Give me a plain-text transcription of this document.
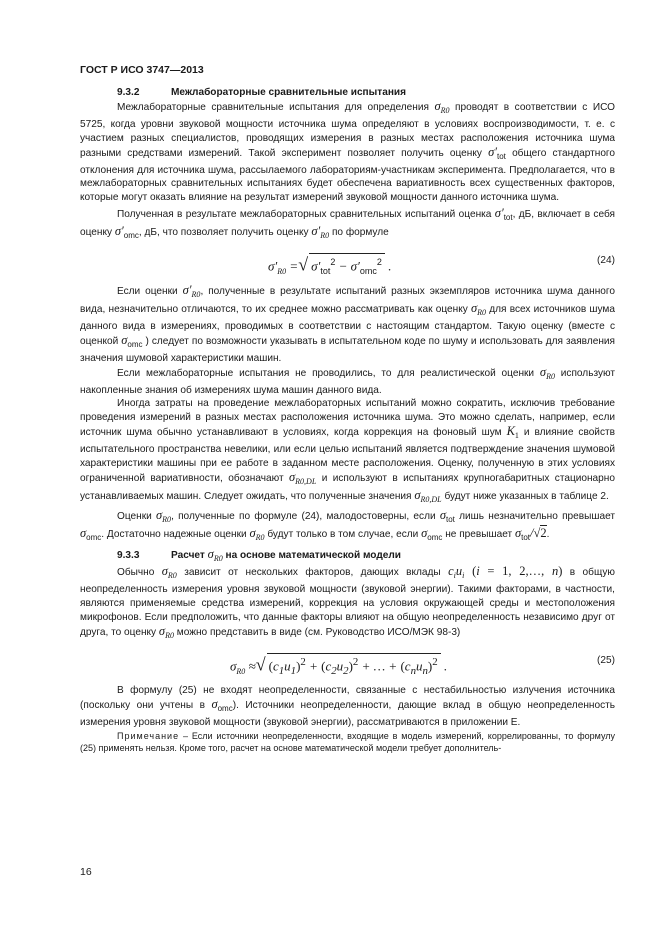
ГОСТ Р ИСО 3747—2013

9.3.2	Межлабораторные сравнительные испытания

Межлабораторные сравнительные испытания для определения $\sigma_{R0}$ проводят в соответствии с ИСО 5725, когда уровни звуковой мощности источника шума определяют в условиях воспроизводимости, т. е. с участием разных специалистов, проводящих измерения в разных местах расположения источника шума разными средствами измерений. Такой эксперимент позволяет получить оценку $\sigma'_{tot}$ общего стандартного отклонения для источника шума, рассылаемого лабораториям-участникам эксперимента. Предполагается, что в межлабораторных сравнительных испытаниях будет обеспечена вариативность всех существенных факторов, которые могут оказать влияние на результат измерений звуковой мощности данного источника шума.

Полученная в результате межлабораторных сравнительных испытаний оценка $\sigma'_{tot}$, дБ, включает в себя оценку $\sigma'_{omc}$, дБ, что позволяет получить оценку $\sigma'_{R0}$ по формуле

$\sigma'_{R0}$ =√ $\sigma'_{tot}^2 - \sigma'_{omc}^2$ .	(24)

Если оценки $\sigma'_{R0}$, полученные в результате испытаний разных экземпляров источника шума данного вида, незначительно отличаются, то их среднее можно рассматривать как оценку $\sigma_{R0}$ для всех источников шума данного вида в измерениях, проводимых в соответствии с настоящим стандартом. Такую оценку (вместе с оценкой $\sigma_{omc}$ ) следует по возможности указывать в испытательном коде по шуму и использовать для заявления значения шумовой характеристики машин.

Если межлабораторные испытания не проводились, то для реалистической оценки $\sigma_{R0}$ используют накопленные знания об измерениях шума машин данного вида.

Иногда затраты на проведение межлабораторных испытаний можно сократить, исключив требование проведения измерений в разных местах расположения источника шума. Это можно сделать, например, если источник шума обычно устанавливают в условиях, когда коррекция на фоновый шум $K_1$ и влияние свойств испытательного пространства невелики, или если целью испытаний является подтверждение значения шумовой характеристики машины при ее работе в заданном месте расположения. Оценку, полученную в этих условиях ограниченной вариативности, обозначают $\sigma_{R0,DL}$ и используют в испытаниях крупногабаритных стационарно устанавливаемых машин. Следует ожидать, что полученные значения $\sigma_{R0,DL}$ будут ниже указанных в таблице 2.

Оценки $\sigma_{R0}$, полученные по формуле (24), малодостоверны, если $\sigma_{tot}$ лишь незначительно превышает $\sigma_{omc}$. Достаточно надежные оценки $\sigma_{R0}$ будут только в том случае, если $\sigma_{omc}$ не превышает $\sigma_{tot}/√2$.

9.3.3	Расчет $\sigma_{R0}$ на основе математической модели

Обычно $\sigma_{R0}$ зависит от нескольких факторов, дающих вклады $c_iu_i$ (i = 1, 2,…, n) в общую неопределенность измерения уровня звуковой мощности (звуковой энергии). Такими факторами, в частности, являются применяемые средства измерений, коррекция на условия окружающей среды и местоположения микрофонов. Если предположить, что данные факторы влияют на общую неопределенность независимо друг от друга, то оценку $\sigma_{R0}$ можно представить в виде (см. Руководство ИСО/МЭК 98-3)

$\sigma_{R0}$ ≈√ $(c_1u_1)^2 + (c_2u_2)^2$ + … + $(c_nu_n)^2$ .	(25)

В формулу (25) не входят неопределенности, связанные с нестабильностью излучения источника (поскольку они учтены в $\sigma_{omc}$). Источники неопределенности, дающие вклад в общую неопределенность измерения уровня звуковой мощности (звуковой энергии), рассматриваются в приложении Е.

Примечание – Если источники неопределенности, входящие в модель измерений, коррелированны, то формулу (25) применять нельзя. Кроме того, расчет на основе математической модели требует дополнитель-

16
